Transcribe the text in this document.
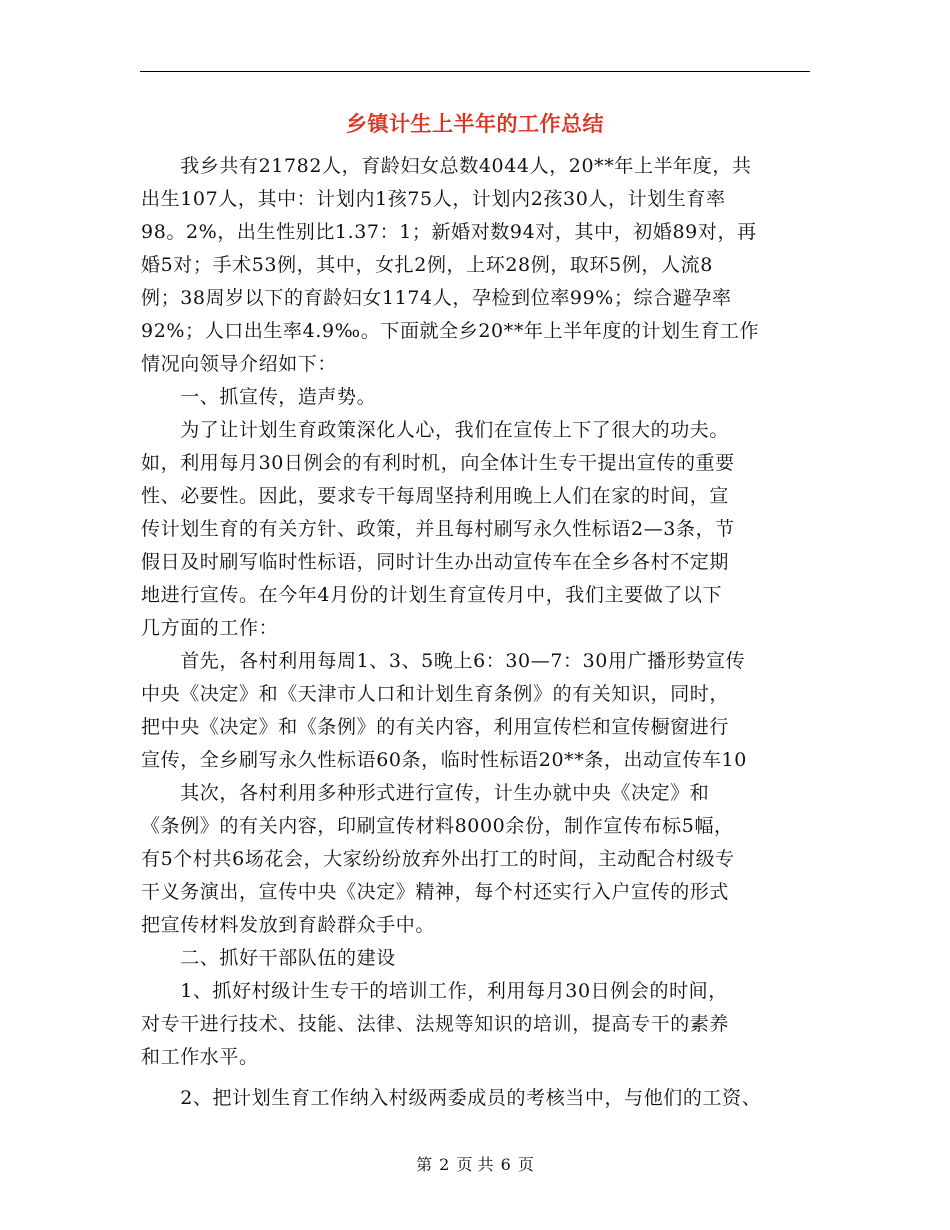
乡镇计生上半年的工作总结
　　我乡共有21782人，育龄妇女总数4044人，20**年上半年度，共
出生107人，其中：计划内1孩75人，计划内2孩30人，计划生育率
98。2%，出生性别比1.37：1；新婚对数94对，其中，初婚89对，再
婚5对；手术53例，其中，女扎2例，上环28例，取环5例，人流8
例；38周岁以下的育龄妇女1174人，孕检到位率99%；综合避孕率
92%；人口出生率4.9‰。下面就全乡20**年上半年度的计划生育工作
情况向领导介绍如下：
　　一、抓宣传，造声势。
　　为了让计划生育政策深化人心，我们在宣传上下了很大的功夫。
如，利用每月30日例会的有利时机，向全体计生专干提出宣传的重要
性、必要性。因此，要求专干每周坚持利用晚上人们在家的时间，宣
传计划生育的有关方针、政策，并且每村刷写永久性标语2—3条，节
假日及时刷写临时性标语，同时计生办出动宣传车在全乡各村不定期
地进行宣传。在今年4月份的计划生育宣传月中，我们主要做了以下
几方面的工作：
　　首先，各村利用每周1、3、5晚上6：30—7：30用广播形势宣传
中央《决定》和《天津市人口和计划生育条例》的有关知识，同时，
把中央《决定》和《条例》的有关内容，利用宣传栏和宣传橱窗进行
宣传，全乡刷写永久性标语60条，临时性标语20**条，出动宣传车10
　　其次，各村利用多种形式进行宣传，计生办就中央《决定》和
《条例》的有关内容，印刷宣传材料8000余份，制作宣传布标5幅，
有5个村共6场花会，大家纷纷放弃外出打工的时间，主动配合村级专
干义务演出，宣传中央《决定》精神，每个村还实行入户宣传的形式
把宣传材料发放到育龄群众手中。
　　二、抓好干部队伍的建设
　　1、抓好村级计生专干的培训工作，利用每月30日例会的时间，
对专干进行技术、技能、法律、法规等知识的培训，提高专干的素养
和工作水平。
　　2、把计划生育工作纳入村级两委成员的考核当中，与他们的工资、
第 2 页 共 6 页
